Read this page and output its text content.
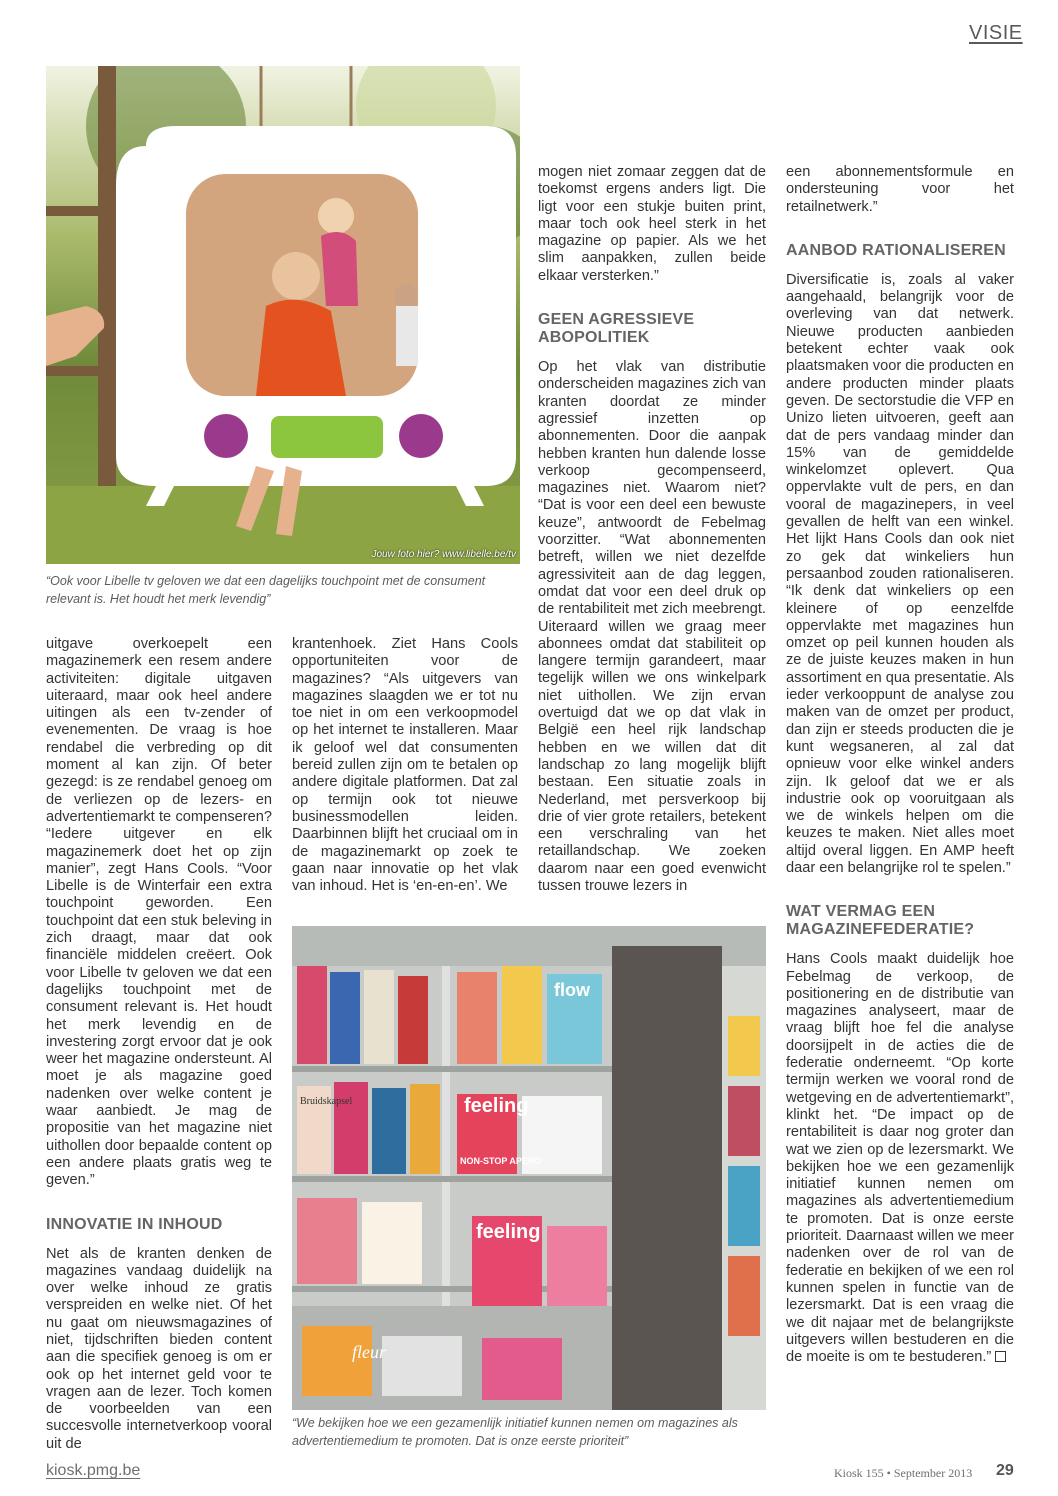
VISIE
Jouw foto hier? www.libelle.be/tv
“Ook voor Libelle tv geloven we dat een dagelijks touchpoint met de consument relevant is. Het houdt het merk levendig”

uitgave overkoepelt een magazinemerk een resem andere activiteiten: digitale uitgaven uiteraard, maar ook heel andere uitingen als een tv-zender of evenementen. De vraag is hoe rendabel die verbreding op dit moment al kan zijn. Of beter gezegd: is ze rendabel genoeg om de verliezen op de lezers- en advertentiemarkt te compenseren? “Iedere uitgever en elk magazinemerk doet het op zijn manier”, zegt Hans Cools. “Voor Libelle is de Winterfair een extra touchpoint geworden. Een touchpoint dat een stuk beleving in zich draagt, maar dat ook financiële middelen creëert. Ook voor Libelle tv geloven we dat een dagelijks touchpoint met de consument relevant is. Het houdt het merk levendig en de investering zorgt ervoor dat je ook weer het magazine ondersteunt. Al moet je als magazine goed nadenken over welke content je waar aanbiedt. Je mag de propositie van het magazine niet uithollen door bepaalde content op een andere plaats gratis weg te geven.”

INNOVATIE IN INHOUD

Net als de kranten denken de magazines vandaag duidelijk na over welke inhoud ze gratis verspreiden en welke niet. Of het nu gaat om nieuwsmagazines of niet, tijdschriften bieden content aan die specifiek genoeg is om er ook op het internet geld voor te vragen aan de lezer. Toch komen de voorbeelden van een succesvolle internetverkoop vooral uit de

krantenhoek. Ziet Hans Cools opportuniteiten voor de magazines? “Als uitgevers van magazines slaagden we er tot nu toe niet in om een verkoopmodel op het internet te installeren. Maar ik geloof wel dat consumenten bereid zullen zijn om te betalen op andere digitale platformen. Dat zal op termijn ook tot nieuwe businessmodellen leiden. Daarbinnen blijft het cruciaal om in de magazinemarkt op zoek te gaan naar innovatie op het vlak van inhoud. Het is ‘en-en-en’. We

mogen niet zomaar zeggen dat de toekomst ergens anders ligt. Die ligt voor een stukje buiten print, maar toch ook heel sterk in het magazine op papier. Als we het slim aanpakken, zullen beide elkaar versterken.”

GEEN AGRESSIEVE ABOPOLITIEK

Op het vlak van distributie onderscheiden magazines zich van kranten doordat ze minder agressief inzetten op abonnementen. Door die aanpak hebben kranten hun dalende losse verkoop gecompenseerd, magazines niet. Waarom niet? “Dat is voor een deel een bewuste keuze”, antwoordt de Febelmag voorzitter. “Wat abonnementen betreft, willen we niet dezelfde agressiviteit aan de dag leggen, omdat dat voor een deel druk op de rentabiliteit met zich meebrengt. Uiteraard willen we graag meer abonnees omdat dat stabiliteit op langere termijn garandeert, maar tegelijk willen we ons winkelpark niet uithollen. We zijn ervan overtuigd dat we op dat vlak in België een heel rijk landschap hebben en we willen dat dit landschap zo lang mogelijk blijft bestaan. Een situatie zoals in Nederland, met persverkoop bij drie of vier grote retailers, betekent een verschraling van het retaillandschap. We zoeken daarom naar een goed evenwicht tussen trouwe lezers in

een abonnementsformule en ondersteuning voor het retailnetwerk.”

AANBOD RATIONALISEREN

Diversificatie is, zoals al vaker aangehaald, belangrijk voor de overleving van dat netwerk. Nieuwe producten aanbieden betekent echter vaak ook plaatsmaken voor die producten en andere producten minder plaats geven. De sectorstudie die VFP en Unizo lieten uitvoeren, geeft aan dat de pers vandaag minder dan 15% van de gemiddelde winkelomzet oplevert. Qua oppervlakte vult de pers, en dan vooral de magazinepers, in veel gevallen de helft van een winkel. Het lijkt Hans Cools dan ook niet zo gek dat winkeliers hun persaanbod zouden rationaliseren. “Ik denk dat winkeliers op een kleinere of op eenzelfde oppervlakte met magazines hun omzet op peil kunnen houden als ze de juiste keuzes maken in hun assortiment en qua presentatie. Als ieder verkooppunt de analyse zou maken van de omzet per product, dan zijn er steeds producten die je kunt wegsaneren, al zal dat opnieuw voor elke winkel anders zijn. Ik geloof dat we er als industrie ook op vooruitgaan als we de winkels helpen om die keuzes te maken. Niet alles moet altijd overal liggen. En AMP heeft daar een belangrijke rol te spelen.”

WAT VERMAG EEN MAGAZINEFEDERATIE?

Hans Cools maakt duidelijk hoe Febelmag de verkoop, de positionering en de distributie van magazines analyseert, maar de vraag blijft hoe fel die analyse doorsijpelt in de acties die de federatie onderneemt. “Op korte termijn werken we vooral rond de wetgeving en de advertentiemarkt”, klinkt het. “De impact op de rentabiliteit is daar nog groter dan wat we zien op de lezersmarkt. We bekijken hoe we een gezamenlijk initiatief kunnen nemen om magazines als advertentiemedium te promoten. Dat is onze eerste prioriteit. Daarnaast willen we meer nadenken over de rol van de federatie en bekijken of we een rol kunnen spelen in functie van de lezersmarkt. Dat is een vraag die we dit najaar met de belangrijkste uitgevers willen bestuderen en die de moeite is om te bestuderen.”

feeling
feeling
flow
NON-STOP APERO
Bruidskapsel
fleur
“We bekijken hoe we een gezamenlijk initiatief kunnen nemen om magazines als advertentiemedium te promoten. Dat is onze eerste prioriteit”
kiosk.pmg.be	Kiosk 155 • September 2013 29
